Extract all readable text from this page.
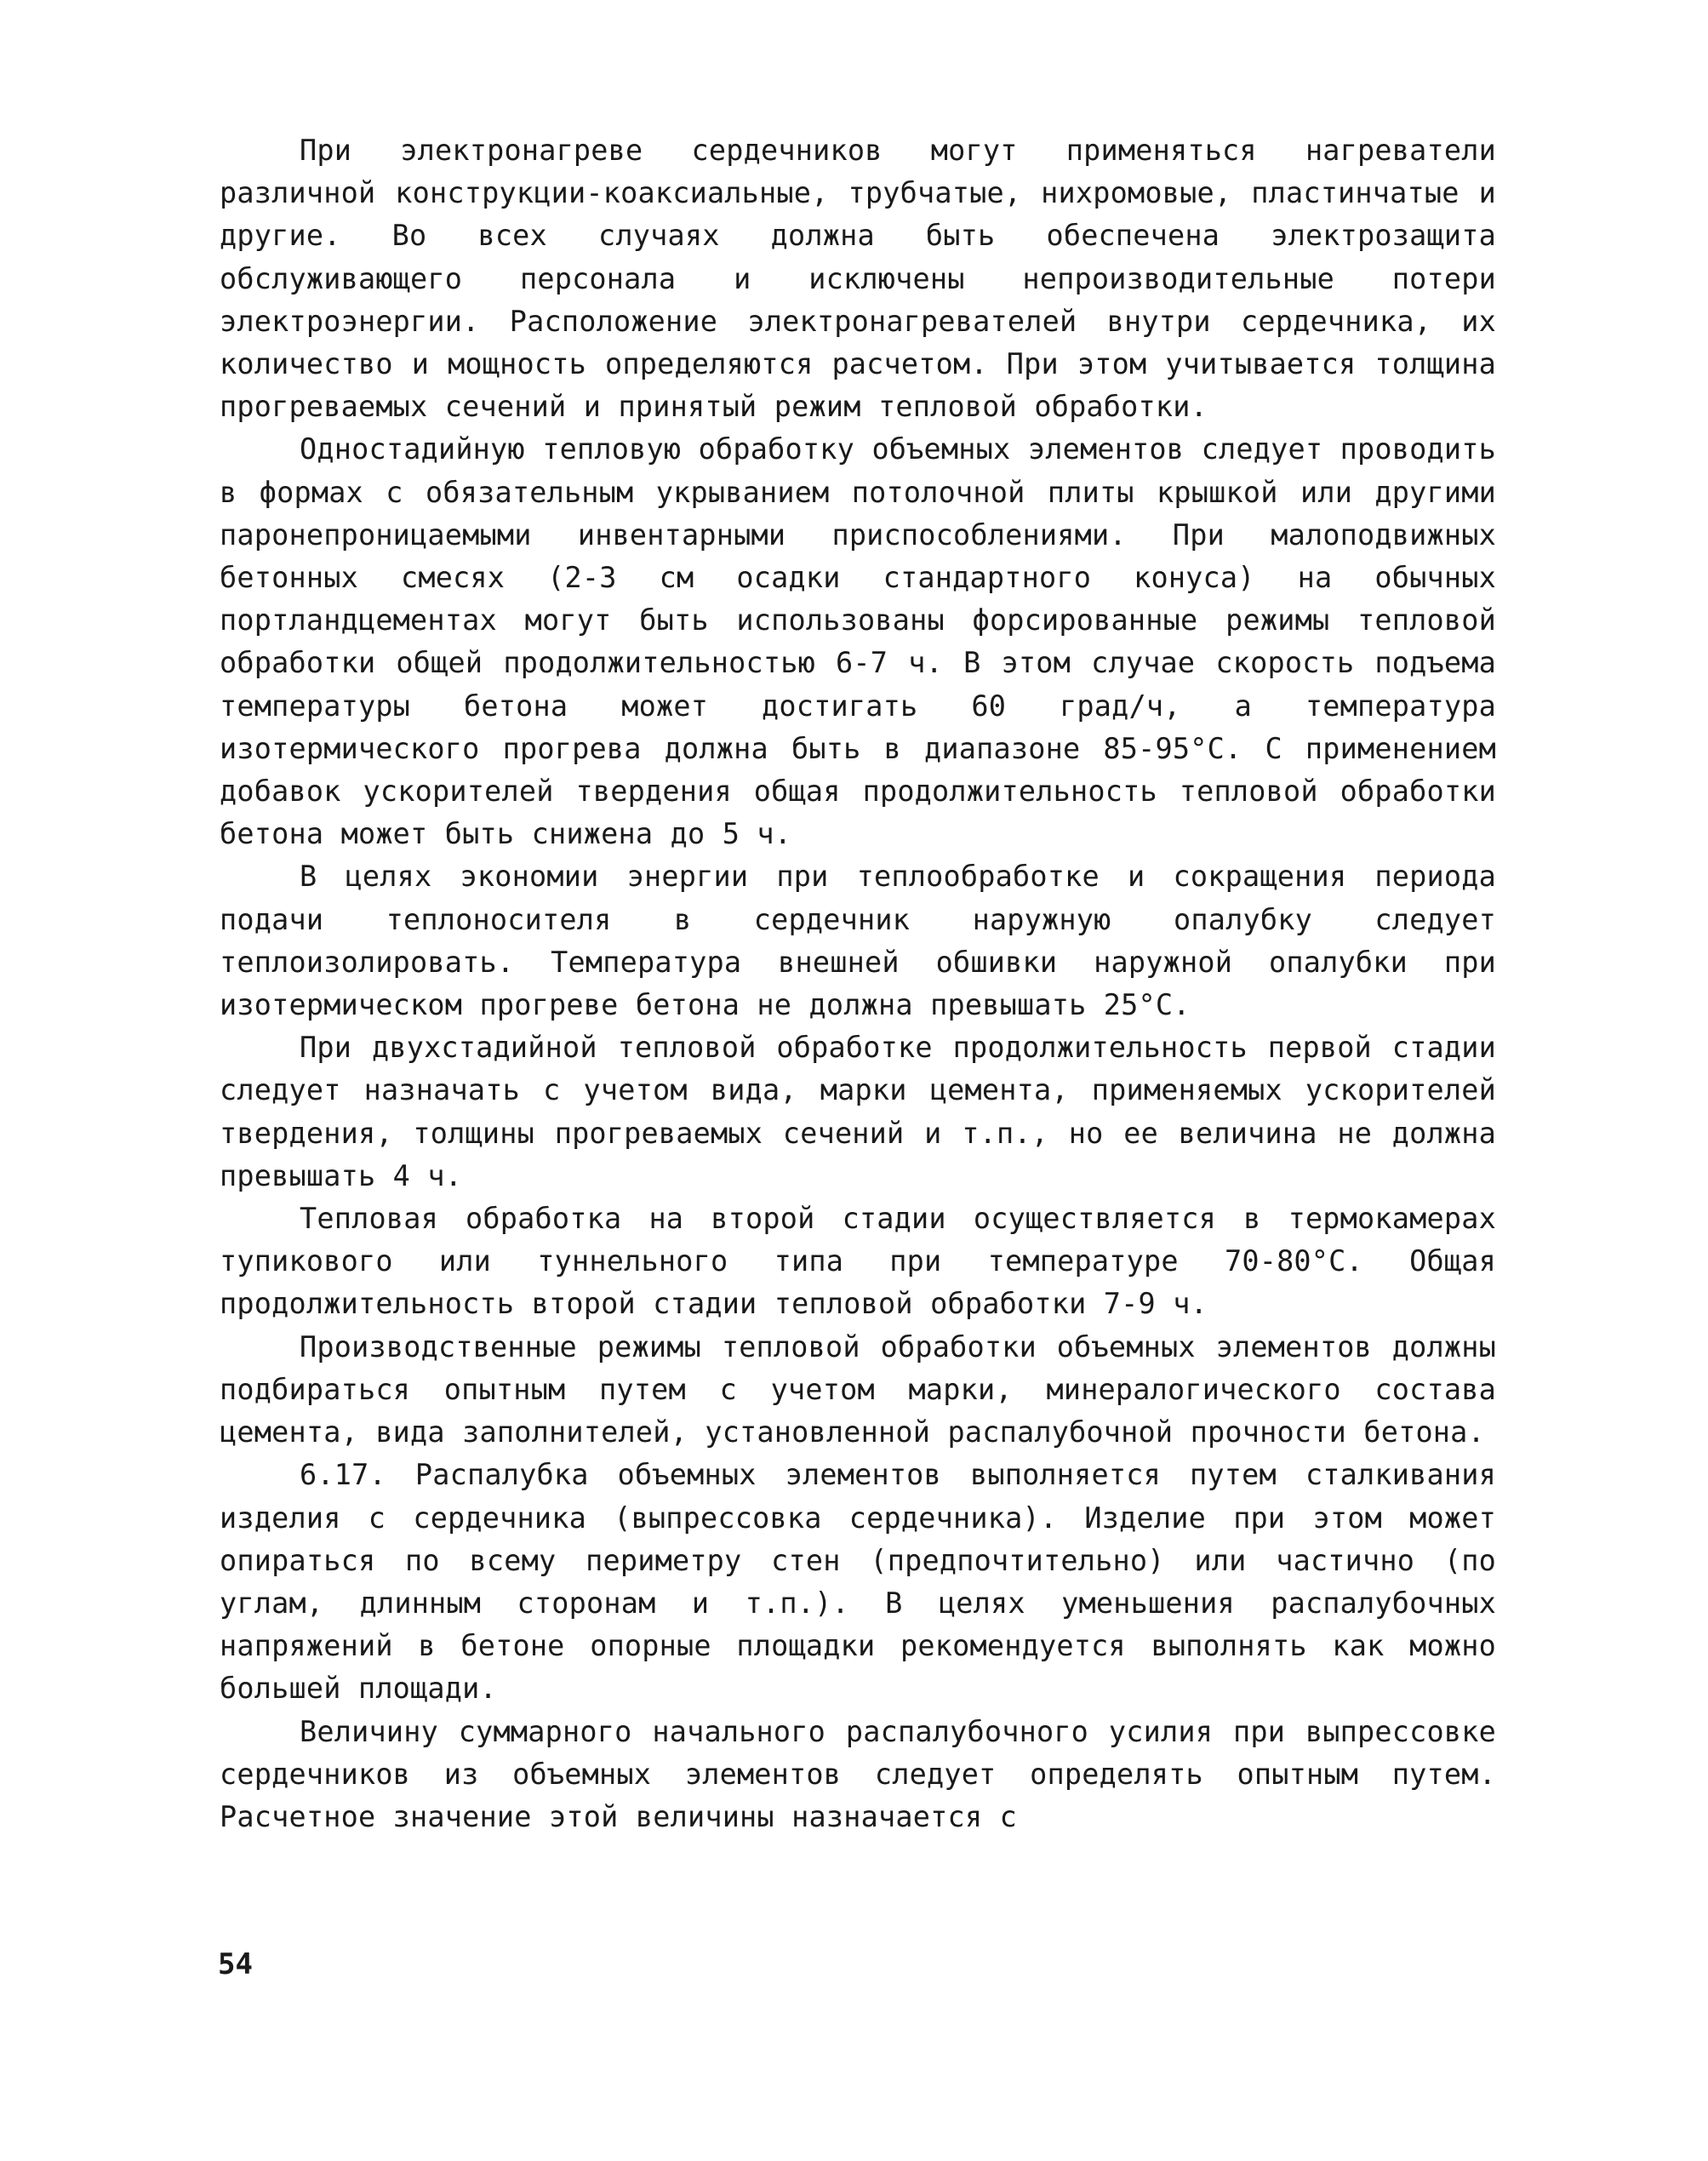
При электронагреве сердечников могут применяться нагреватели различной конструкции-коаксиальные, трубчатые, нихромовые, пластинчатые и другие. Во всех случаях должна быть обеспечена электрозащита обслуживающего персонала и исключены непроизводительные потери электроэнергии. Расположение электронагревателей внутри сердечника, их количество и мощность определяются расчетом. При этом учитывается толщина прогреваемых сечений и принятый режим тепловой обработки.

Одностадийную тепловую обработку объемных элементов следует проводить в формах с обязательным укрыванием потолочной плиты крышкой или другими паронепроницаемыми инвентарными приспособлениями. При малоподвижных бетонных смесях (2-3 см осадки стандартного конуса) на обычных портландцементах могут быть использованы форсированные режимы тепловой обработки общей продолжительностью 6-7 ч. В этом случае скорость подъема температуры бетона может достигать 60 град/ч, а температура изотермического прогрева должна быть в диапазоне 85-95°С. С применением добавок ускорителей твердения общая продолжительность тепловой обработки бетона может быть снижена до 5 ч.

В целях экономии энергии при теплообработке и сокращения периода подачи теплоносителя в сердечник наружную опалубку следует теплоизолировать. Температура внешней обшивки наружной опалубки при изотермическом прогреве бетона не должна превышать 25°С.

При двухстадийной тепловой обработке продолжительность первой стадии следует назначать с учетом вида, марки цемента, применяемых ускорителей твердения, толщины прогреваемых сечений и т.п., но ее величина не должна превышать 4 ч.

Тепловая обработка на второй стадии осуществляется в термокамерах тупикового или туннельного типа при температуре 70-80°С. Общая продолжительность второй стадии тепловой обработки 7-9 ч.

Производственные режимы тепловой обработки объемных элементов должны подбираться опытным путем с учетом марки, минералогического состава цемента, вида заполнителей, установленной распалубочной прочности бетона.

6.17. Распалубка объемных элементов выполняется путем сталкивания изделия с сердечника (выпрессовка сердечника). Изделие при этом может опираться по всему периметру стен (предпочтительно) или частично (по углам, длинным сторонам и т.п.). В целях уменьшения распалубочных напряжений в бетоне опорные площадки рекомендуется выполнять как можно большей площади.

Величину суммарного начального распалубочного усилия при выпрессовке сердечников из объемных элементов следует определять опытным путем. Расчетное значение этой величины назначается с

54
